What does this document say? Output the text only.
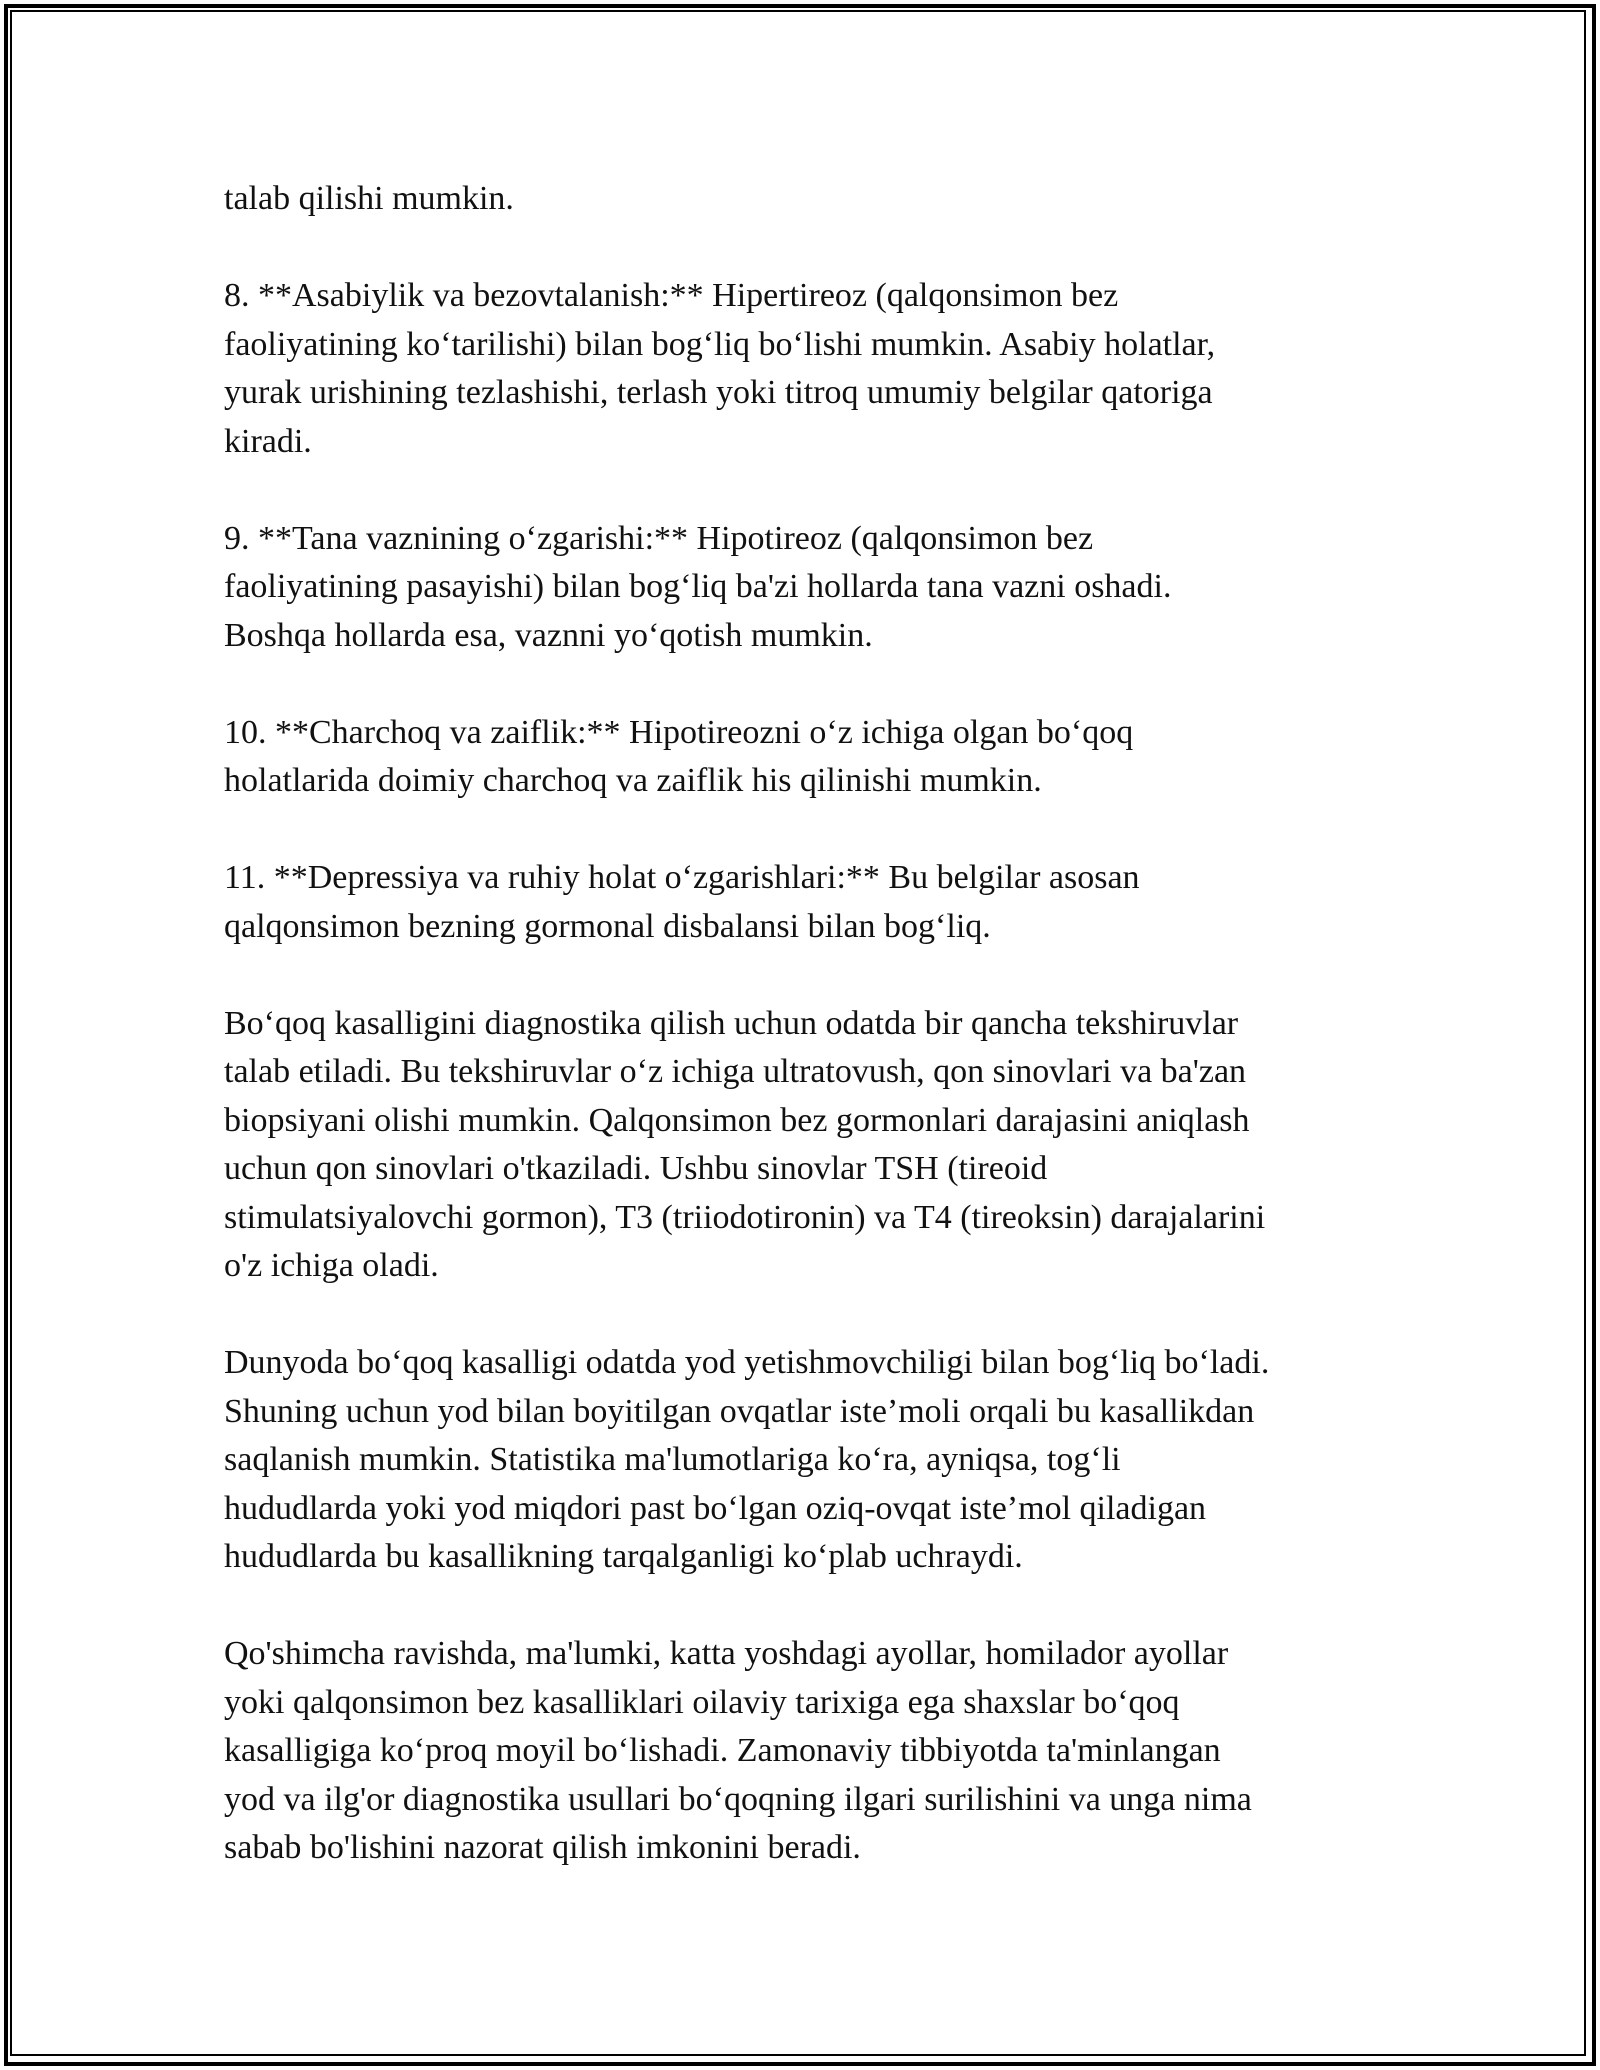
talab qilishi mumkin.

8. **Asabiylik va bezovtalanish:** Hipertireoz (qalqonsimon bez
faoliyatining ko‘tarilishi) bilan bog‘liq bo‘lishi mumkin. Asabiy holatlar,
yurak urishining tezlashishi, terlash yoki titroq umumiy belgilar qatoriga
kiradi.

9. **Tana vaznining o‘zgarishi:** Hipotireoz (qalqonsimon bez
faoliyatining pasayishi) bilan bog‘liq ba'zi hollarda tana vazni oshadi.
Boshqa hollarda esa, vaznni yo‘qotish mumkin.

10. **Charchoq va zaiflik:** Hipotireozni o‘z ichiga olgan bo‘qoq
holatlarida doimiy charchoq va zaiflik his qilinishi mumkin.

11. **Depressiya va ruhiy holat o‘zgarishlari:** Bu belgilar asosan
qalqonsimon bezning gormonal disbalansi bilan bog‘liq.

Bo‘qoq kasalligini diagnostika qilish uchun odatda bir qancha tekshiruvlar
talab etiladi. Bu tekshiruvlar o‘z ichiga ultratovush, qon sinovlari va ba'zan
biopsiyani olishi mumkin. Qalqonsimon bez gormonlari darajasini aniqlash
uchun qon sinovlari o'tkaziladi. Ushbu sinovlar TSH (tireoid
stimulatsiyalovchi gormon), T3 (triiodotironin) va T4 (tireoksin) darajalarini
o'z ichiga oladi.

Dunyoda bo‘qoq kasalligi odatda yod yetishmovchiligi bilan bog‘liq bo‘ladi.
Shuning uchun yod bilan boyitilgan ovqatlar iste’moli orqali bu kasallikdan
saqlanish mumkin. Statistika ma'lumotlariga ko‘ra, ayniqsa, tog‘li
hududlarda yoki yod miqdori past bo‘lgan oziq-ovqat iste’mol qiladigan
hududlarda bu kasallikning tarqalganligi ko‘plab uchraydi.

Qo'shimcha ravishda, ma'lumki, katta yoshdagi ayollar, homilador ayollar
yoki qalqonsimon bez kasalliklari oilaviy tarixiga ega shaxslar bo‘qoq
kasalligiga ko‘proq moyil bo‘lishadi. Zamonaviy tibbiyotda ta'minlangan
yod va ilg'or diagnostika usullari bo‘qoqning ilgari surilishini va unga nima
sabab bo'lishini nazorat qilish imkonini beradi.
